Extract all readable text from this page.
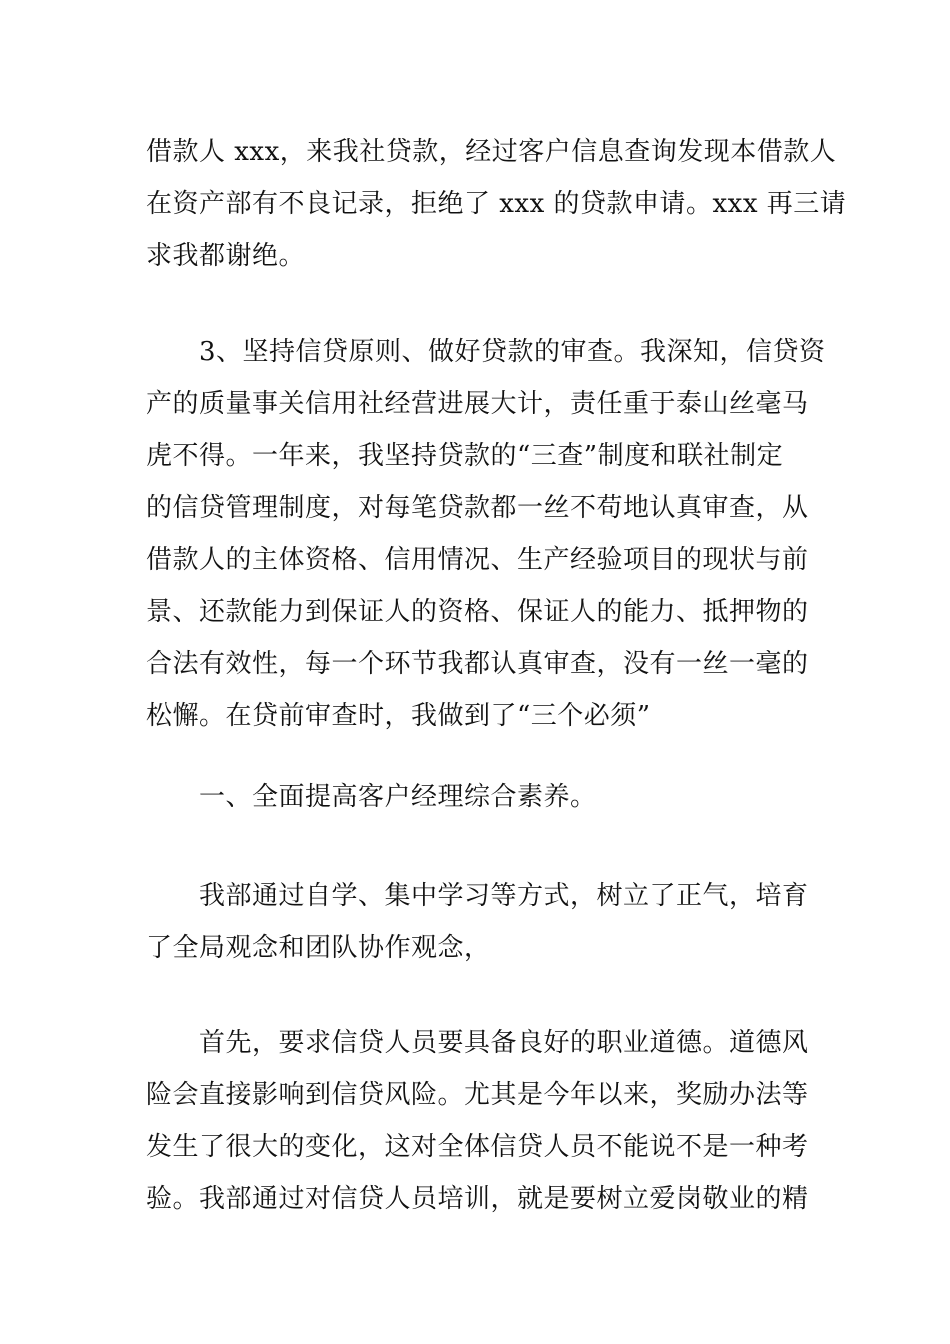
借款人 xxx，来我社贷款，经过客户信息查询发现本借款人
在资产部有不良记录，拒绝了 xxx 的贷款申请。xxx 再三请
求我都谢绝。
　　3、坚持信贷原则、做好贷款的审查。我深知，信贷资
产的质量事关信用社经营进展大计，责任重于泰山丝毫马
虎不得。一年来，我坚持贷款的“三查”制度和联社制定
的信贷管理制度，对每笔贷款都一丝不苟地认真审查，从
借款人的主体资格、信用情况、生产经验项目的现状与前
景、还款能力到保证人的资格、保证人的能力、抵押物的
合法有效性，每一个环节我都认真审查，没有一丝一毫的
松懈。在贷前审查时，我做到了“三个必须”
　　一、全面提高客户经理综合素养。
　　我部通过自学、集中学习等方式，树立了正气，培育
了全局观念和团队协作观念，
　　首先，要求信贷人员要具备良好的职业道德。道德风
险会直接影响到信贷风险。尤其是今年以来，奖励办法等
发生了很大的变化，这对全体信贷人员不能说不是一种考
验。我部通过对信贷人员培训，就是要树立爱岗敬业的精
